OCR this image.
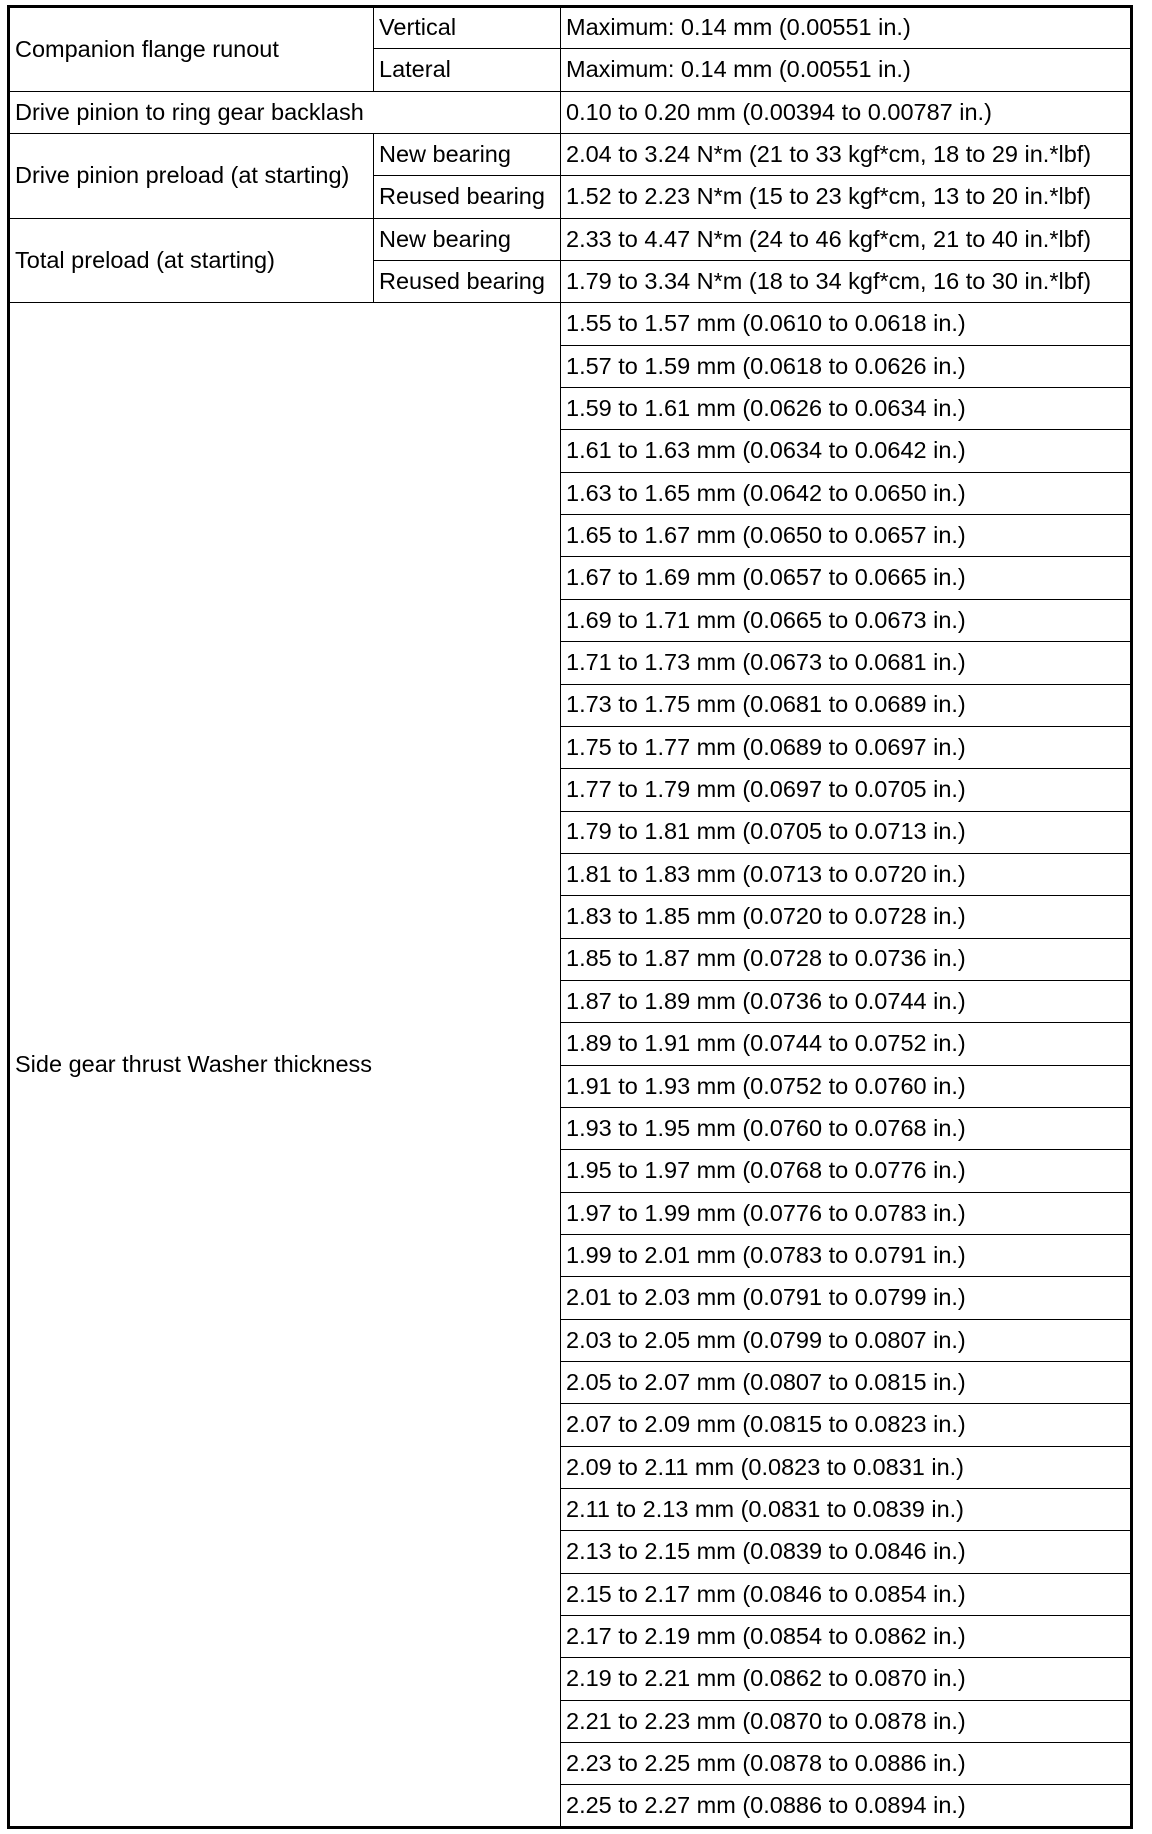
Companion flange runout	Vertical	Maximum: 0.14 mm (0.00551 in.)
	Lateral	Maximum: 0.14 mm (0.00551 in.)
Drive pinion to ring gear backlash		0.10 to 0.20 mm (0.00394 to 0.00787 in.)
Drive pinion preload (at starting)	New bearing	2.04 to 3.24 N*m (21 to 33 kgf*cm, 18 to 29 in.*lbf)
	Reused bearing	1.52 to 2.23 N*m (15 to 23 kgf*cm, 13 to 20 in.*lbf)
Total preload (at starting)	New bearing	2.33 to 4.47 N*m (24 to 46 kgf*cm, 21 to 40 in.*lbf)
	Reused bearing	1.79 to 3.34 N*m (18 to 34 kgf*cm, 16 to 30 in.*lbf)
Side gear thrust Washer thickness		1.55 to 1.57 mm (0.0610 to 0.0618 in.)
		1.57 to 1.59 mm (0.0618 to 0.0626 in.)
		1.59 to 1.61 mm (0.0626 to 0.0634 in.)
		1.61 to 1.63 mm (0.0634 to 0.0642 in.)
		1.63 to 1.65 mm (0.0642 to 0.0650 in.)
		1.65 to 1.67 mm (0.0650 to 0.0657 in.)
		1.67 to 1.69 mm (0.0657 to 0.0665 in.)
		1.69 to 1.71 mm (0.0665 to 0.0673 in.)
		1.71 to 1.73 mm (0.0673 to 0.0681 in.)
		1.73 to 1.75 mm (0.0681 to 0.0689 in.)
		1.75 to 1.77 mm (0.0689 to 0.0697 in.)
		1.77 to 1.79 mm (0.0697 to 0.0705 in.)
		1.79 to 1.81 mm (0.0705 to 0.0713 in.)
		1.81 to 1.83 mm (0.0713 to 0.0720 in.)
		1.83 to 1.85 mm (0.0720 to 0.0728 in.)
		1.85 to 1.87 mm (0.0728 to 0.0736 in.)
		1.87 to 1.89 mm (0.0736 to 0.0744 in.)
		1.89 to 1.91 mm (0.0744 to 0.0752 in.)
		1.91 to 1.93 mm (0.0752 to 0.0760 in.)
		1.93 to 1.95 mm (0.0760 to 0.0768 in.)
		1.95 to 1.97 mm (0.0768 to 0.0776 in.)
		1.97 to 1.99 mm (0.0776 to 0.0783 in.)
		1.99 to 2.01 mm (0.0783 to 0.0791 in.)
		2.01 to 2.03 mm (0.0791 to 0.0799 in.)
		2.03 to 2.05 mm (0.0799 to 0.0807 in.)
		2.05 to 2.07 mm (0.0807 to 0.0815 in.)
		2.07 to 2.09 mm (0.0815 to 0.0823 in.)
		2.09 to 2.11 mm (0.0823 to 0.0831 in.)
		2.11 to 2.13 mm (0.0831 to 0.0839 in.)
		2.13 to 2.15 mm (0.0839 to 0.0846 in.)
		2.15 to 2.17 mm (0.0846 to 0.0854 in.)
		2.17 to 2.19 mm (0.0854 to 0.0862 in.)
		2.19 to 2.21 mm (0.0862 to 0.0870 in.)
		2.21 to 2.23 mm (0.0870 to 0.0878 in.)
		2.23 to 2.25 mm (0.0878 to 0.0886 in.)
		2.25 to 2.27 mm (0.0886 to 0.0894 in.)
